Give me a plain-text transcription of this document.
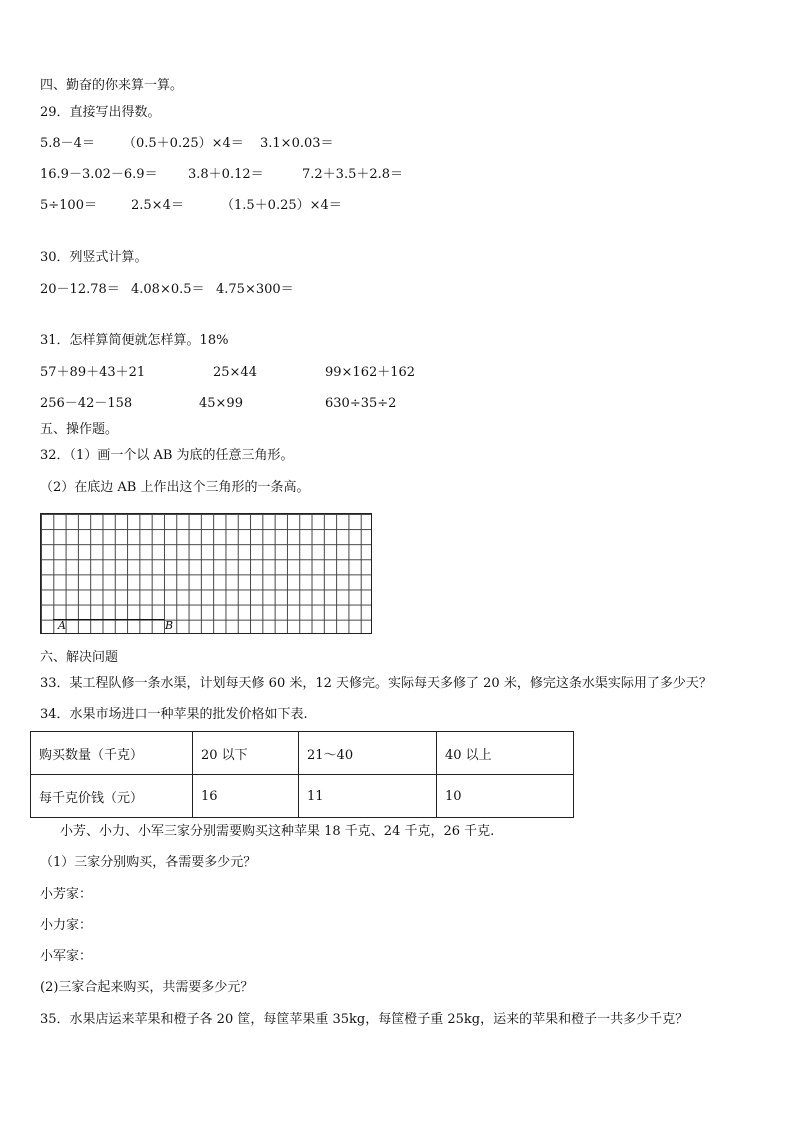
四、勤奋的你来算一算。
29．直接写出得数。
5.8－4＝ （0.5＋0.25）×4＝ 3.1×0.03＝
16.9－3.02－6.9＝ 3.8＋0.12＝	7.2＋3.5＋2.8＝
5÷100＝	2.5×4＝	（1.5＋0.25）×4＝
30．列竖式计算。
20－12.78＝ 4.08×0.5＝ 4.75×300＝
31．怎样算简便就怎样算。18%
57＋89＋43＋21	25×44	99×162＋162
256－42－158	45×99	630÷35÷2
五、操作题。
32．（1）画一个以 AB 为底的任意三角形。
（2）在底边 AB 上作出这个三角形的一条高。
A	B
六、解决问题
33．某工程队修一条水渠，计划每天修 60 米，12 天修完。实际每天多修了 20 米，修完这条水渠实际用了多少天？
34．水果市场进口一种苹果的批发价格如下表.
购买数量（千克）	20 以下	21～40	40 以上
每千克价钱（元）	16	11	10
小芳、小力、小军三家分别需要购买这种苹果 18 千克、24 千克，26 千克.
（1）三家分别购买，各需要多少元？
小芳家：
小力家：
小军家：
(2)三家合起来购买，共需要多少元？
35．水果店运来苹果和橙子各 20 筐，每筐苹果重 35kg，每筐橙子重 25kg，运来的苹果和橙子一共多少千克？
